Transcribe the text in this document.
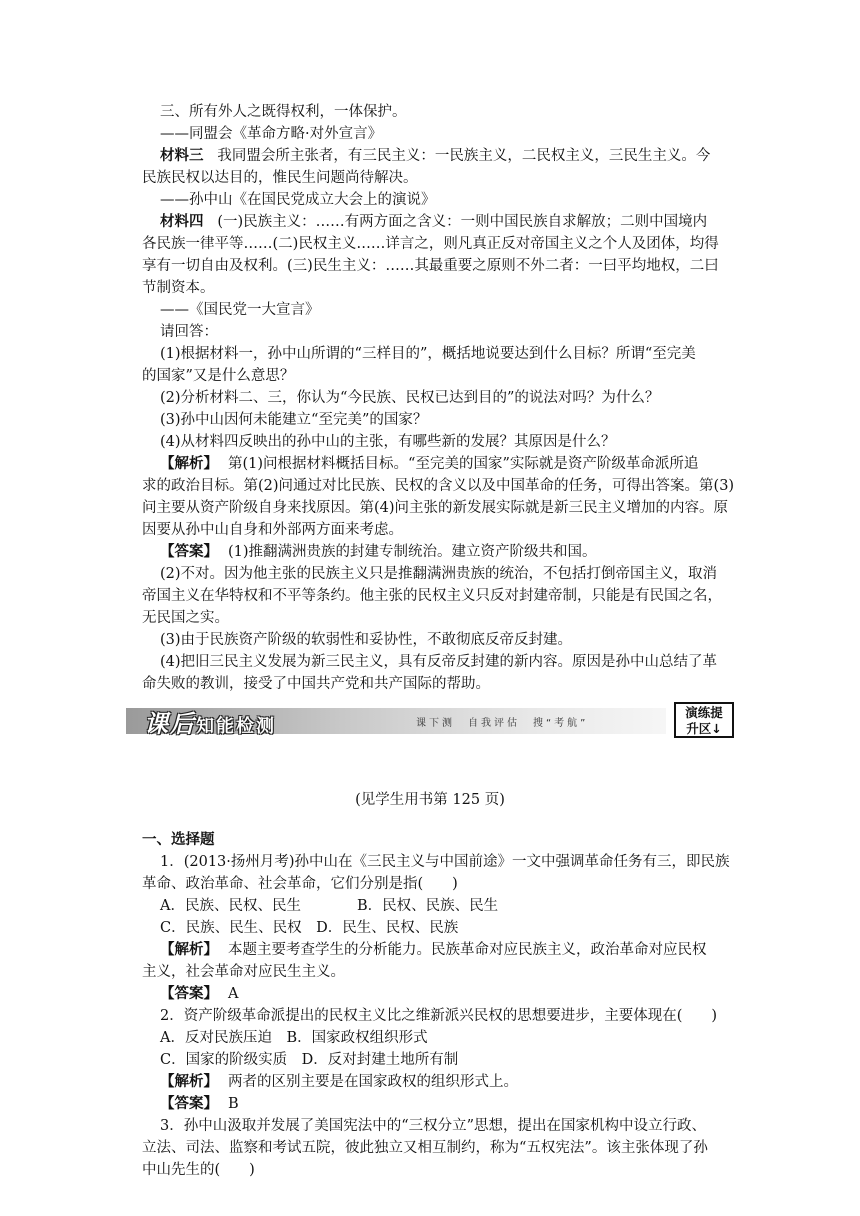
三、所有外人之既得权利，一体保护。
——同盟会《革命方略·对外宣言》
材料三 我同盟会所主张者，有三民主义：一民族主义，二民权主义，三民生主义。今
民族民权以达目的，惟民生问题尚待解决。
——孙中山《在国民党成立大会上的演说》
材料四 (一)民族主义：……有两方面之含义：一则中国民族自求解放；二则中国境内
各民族一律平等……(二)民权主义……详言之，则凡真正反对帝国主义之个人及团体，均得
享有一切自由及权利。(三)民生主义：……其最重要之原则不外二者：一曰平均地权，二曰
节制资本。
——《国民党一大宣言》
请回答：
(1)根据材料一，孙中山所谓的“三样目的”，概括地说要达到什么目标？所谓“至完美
的国家”又是什么意思？
(2)分析材料二、三，你认为“今民族、民权已达到目的”的说法对吗？为什么？
(3)孙中山因何未能建立“至完美”的国家？
(4)从材料四反映出的孙中山的主张，有哪些新的发展？其原因是什么？
【解析】 第(1)问根据材料概括目标。“至完美的国家”实际就是资产阶级革命派所追
求的政治目标。第(2)问通过对比民族、民权的含义以及中国革命的任务，可得出答案。第(3)
问主要从资产阶级自身来找原因。第(4)问主张的新发展实际就是新三民主义增加的内容。原
因要从孙中山自身和外部两方面来考虑。
【答案】 (1)推翻满洲贵族的封建专制统治。建立资产阶级共和国。
(2)不对。因为他主张的民族主义只是推翻满洲贵族的统治，不包括打倒帝国主义，取消
帝国主义在华特权和不平等条约。他主张的民权主义只反对封建帝制，只能是有民国之名，
无民国之实。
(3)由于民族资产阶级的软弱性和妥协性，不敢彻底反帝反封建。
(4)把旧三民主义发展为新三民主义，具有反帝反封建的新内容。原因是孙中山总结了革
命失败的教训，接受了中国共产党和共产国际的帮助。
课后知能检测	课下测　自我评估　搜“考航”
演练提
升区↓
(见学生用书第 125 页)
一、选择题
1．(2013·扬州月考)孙中山在《三民主义与中国前途》一文中强调革命任务有三，即民族
革命、政治革命、社会革命，它们分别是指(　　)
A．民族、民权、民生	B．民权、民族、民生
C．民族、民生、民权　D．民生、民权、民族
【解析】 本题主要考查学生的分析能力。民族革命对应民族主义，政治革命对应民权
主义，社会革命对应民生主义。
【答案】 A
2．资产阶级革命派提出的民权主义比之维新派兴民权的思想要进步，主要体现在(　　)
A．反对民族压迫　B．国家政权组织形式
C．国家的阶级实质　D．反对封建土地所有制
【解析】 两者的区别主要是在国家政权的组织形式上。
【答案】 B
3．孙中山汲取并发展了美国宪法中的“三权分立”思想，提出在国家机构中设立行政、
立法、司法、监察和考试五院，彼此独立又相互制约，称为“五权宪法”。该主张体现了孙
中山先生的(　　)
